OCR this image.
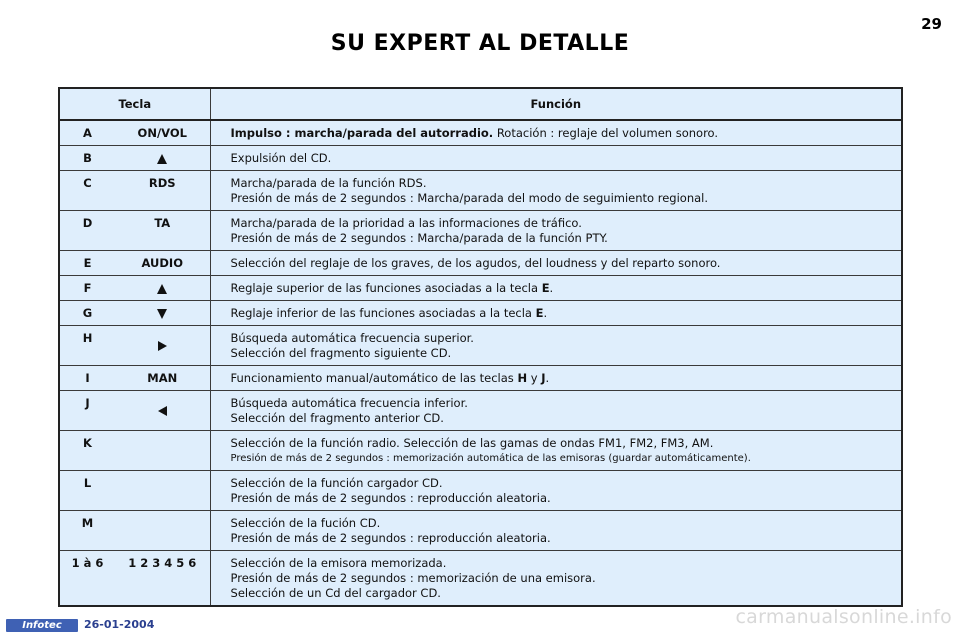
SU EXPERT AL DETALLE
29
Tecla		Función

A	ON/VOL	Impulso : marcha/parada del autorradio. Rotación : reglaje del volumen sonoro.

B		Expulsión del CD.

C	RDS	Marcha/parada de la función RDS.
Presión de más de 2 segundos : Marcha/parada del modo de seguimiento regional.

D	TA	Marcha/parada de la prioridad a las informaciones de tráfico.
Presión de más de 2 segundos : Marcha/parada de la función PTY.

E	AUDIO	Selección del reglaje de los graves, de los agudos, del loudness y del reparto sonoro.

F		Reglaje superior de las funciones asociadas a la tecla E.

G		Reglaje inferior de las funciones asociadas a la tecla E.

H		Búsqueda automática frecuencia superior.
Selección del fragmento siguiente CD.

I	MAN	Funcionamiento manual/automático de las teclas H y J.

J		Búsqueda automática frecuencia inferior.
Selección del fragmento anterior CD.

K		Selección de la función radio. Selección de las gamas de ondas FM1, FM2, FM3, AM.
Presión de más de 2 segundos : memorización automática de las emisoras (guardar automáticamente).

L		Selección de la función cargador CD.
Presión de más de 2 segundos : reproducción aleatoria.

M		Selección de la fución CD.
Presión de más de 2 segundos : reproducción aleatoria.

1 à 6	1 2 3 4 5 6	Selección de la emisora memorizada.
Presión de más de 2 segundos : memorización de una emisora.
Selección de un Cd del cargador CD.
Infotec	26-01-2004	carmanualsonline.info
